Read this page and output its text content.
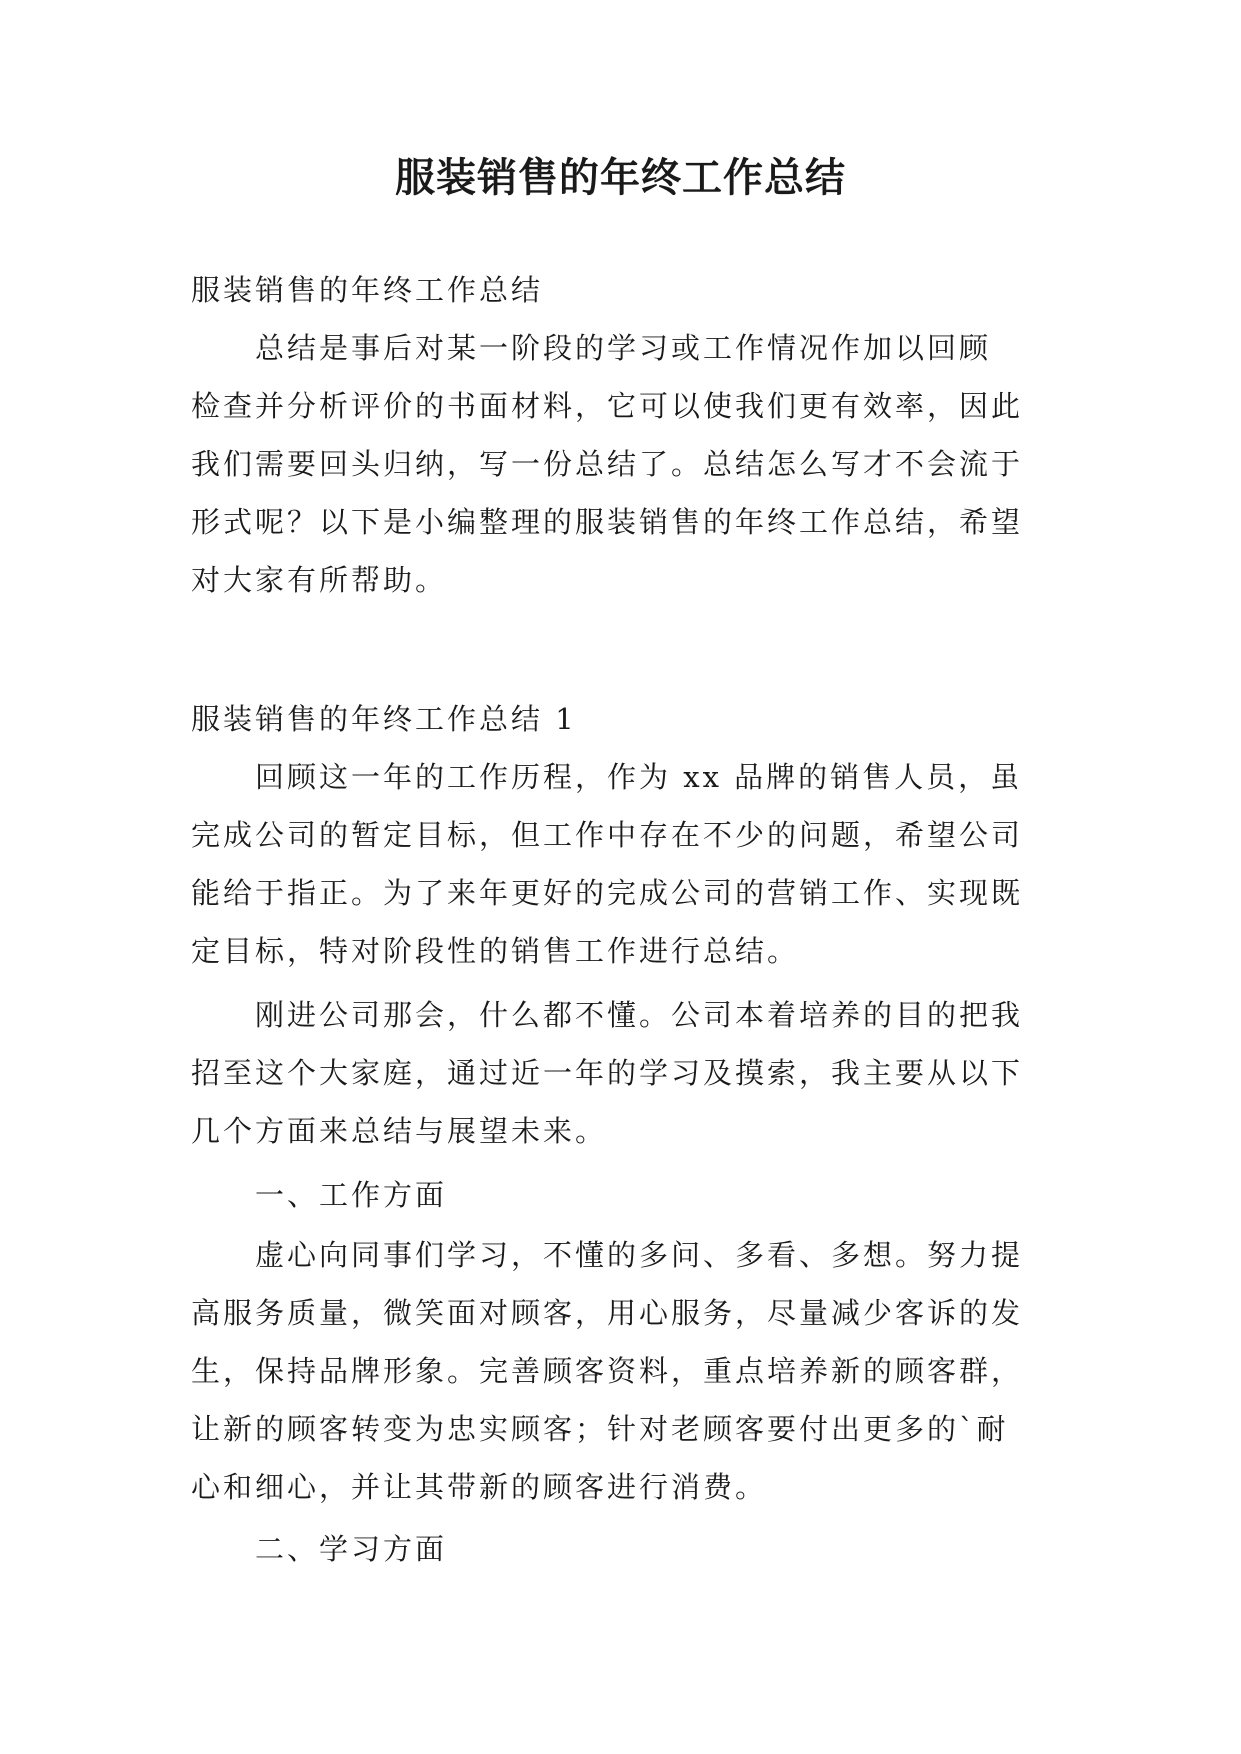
服装销售的年终工作总结

服装销售的年终工作总结

总结是事后对某一阶段的学习或工作情况作加以回顾
检查并分析评价的书面材料，它可以使我们更有效率，因此
我们需要回头归纳，写一份总结了。总结怎么写才不会流于
形式呢？以下是小编整理的服装销售的年终工作总结，希望
对大家有所帮助。

服装销售的年终工作总结 1

回顾这一年的工作历程，作为 xx 品牌的销售人员，虽
完成公司的暂定目标，但工作中存在不少的问题，希望公司
能给于指正。为了来年更好的完成公司的营销工作、实现既
定目标，特对阶段性的销售工作进行总结。

刚进公司那会，什么都不懂。公司本着培养的目的把我
招至这个大家庭，通过近一年的学习及摸索，我主要从以下
几个方面来总结与展望未来。

一、工作方面

虚心向同事们学习，不懂的多问、多看、多想。努力提
高服务质量，微笑面对顾客，用心服务，尽量减少客诉的发
生，保持品牌形象。完善顾客资料，重点培养新的顾客群，
让新的顾客转变为忠实顾客；针对老顾客要付出更多的`耐
心和细心，并让其带新的顾客进行消费。

二、学习方面
